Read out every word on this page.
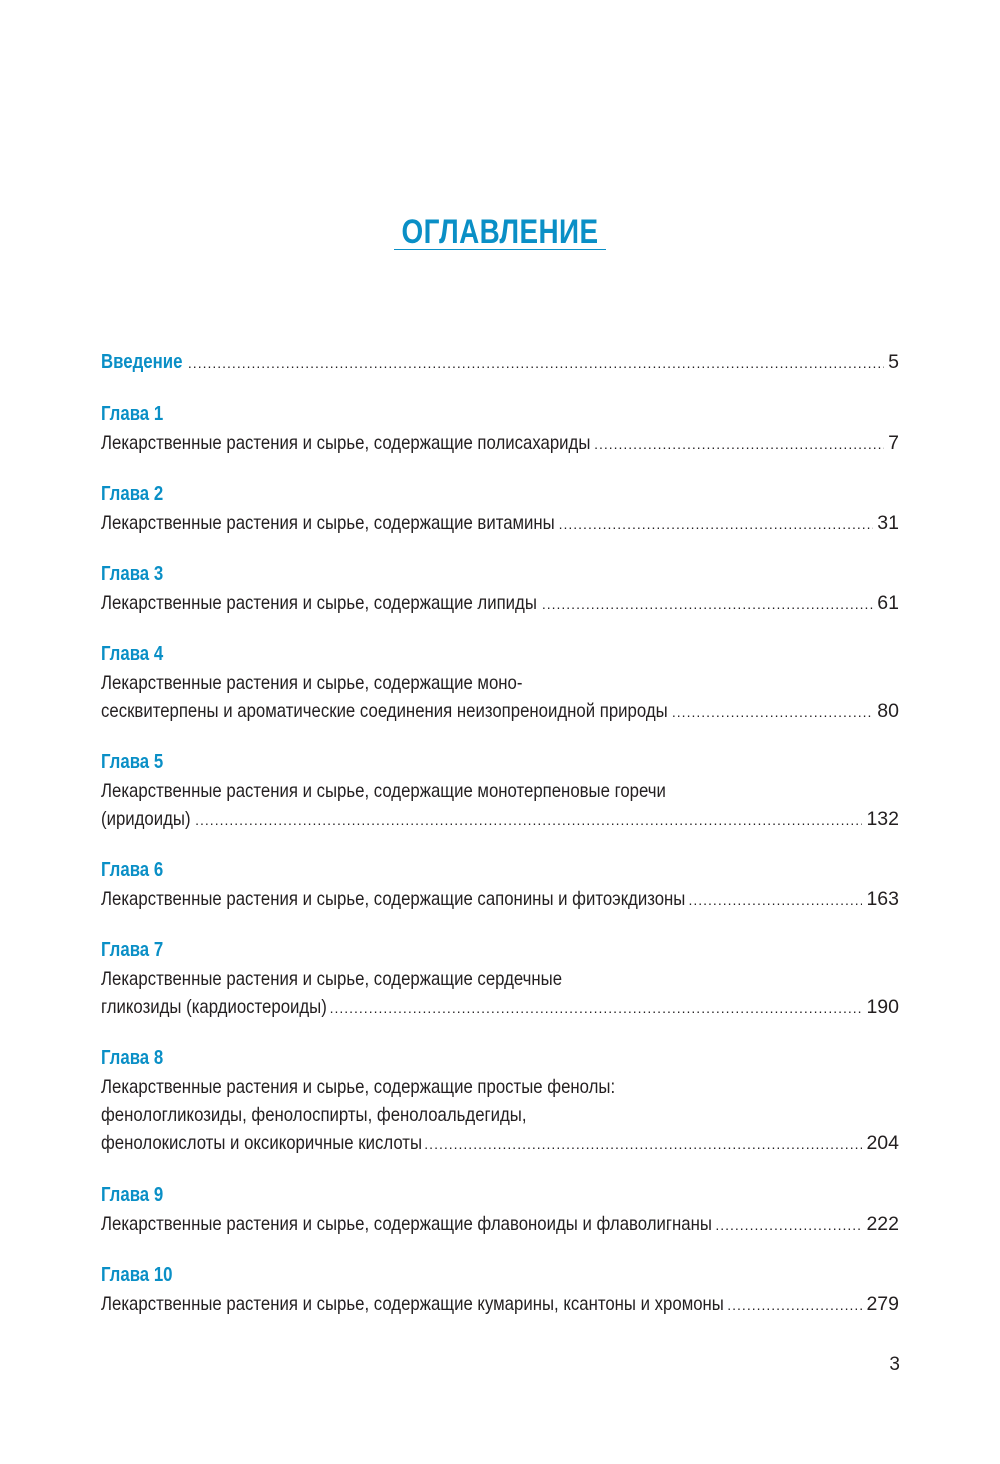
ОГЛАВЛЕНИЕ
Введение .....	5
Глава 1
Лекарственные растения и сырье, содержащие полисахариды .....	7
Глава 2
Лекарственные растения и сырье, содержащие витамины .....	31
Глава 3
Лекарственные растения и сырье, содержащие липиды .....	61
Глава 4
Лекарственные растения и сырье, содержащие моно-
сесквитерпены и ароматические соединения неизопреноидной природы .....	80
Глава 5
Лекарственные растения и сырье, содержащие монотерпеновые горечи
(иридоиды) .....	132
Глава 6
Лекарственные растения и сырье, содержащие сапонины и фитоэкдизоны .....	163
Глава 7
Лекарственные растения и сырье, содержащие сердечные
гликозиды (кардиостероиды) .....	190
Глава 8
Лекарственные растения и сырье, содержащие простые фенолы:
фенологликозиды, фенолоспирты, фенолоальдегиды,
фенолокислоты и оксикоричные кислоты .....	204
Глава 9
Лекарственные растения и сырье, содержащие флавоноиды и флаволигнаны .....	222
Глава 10
Лекарственные растения и сырье, содержащие кумарины, ксантоны и хромоны .....	279
3
